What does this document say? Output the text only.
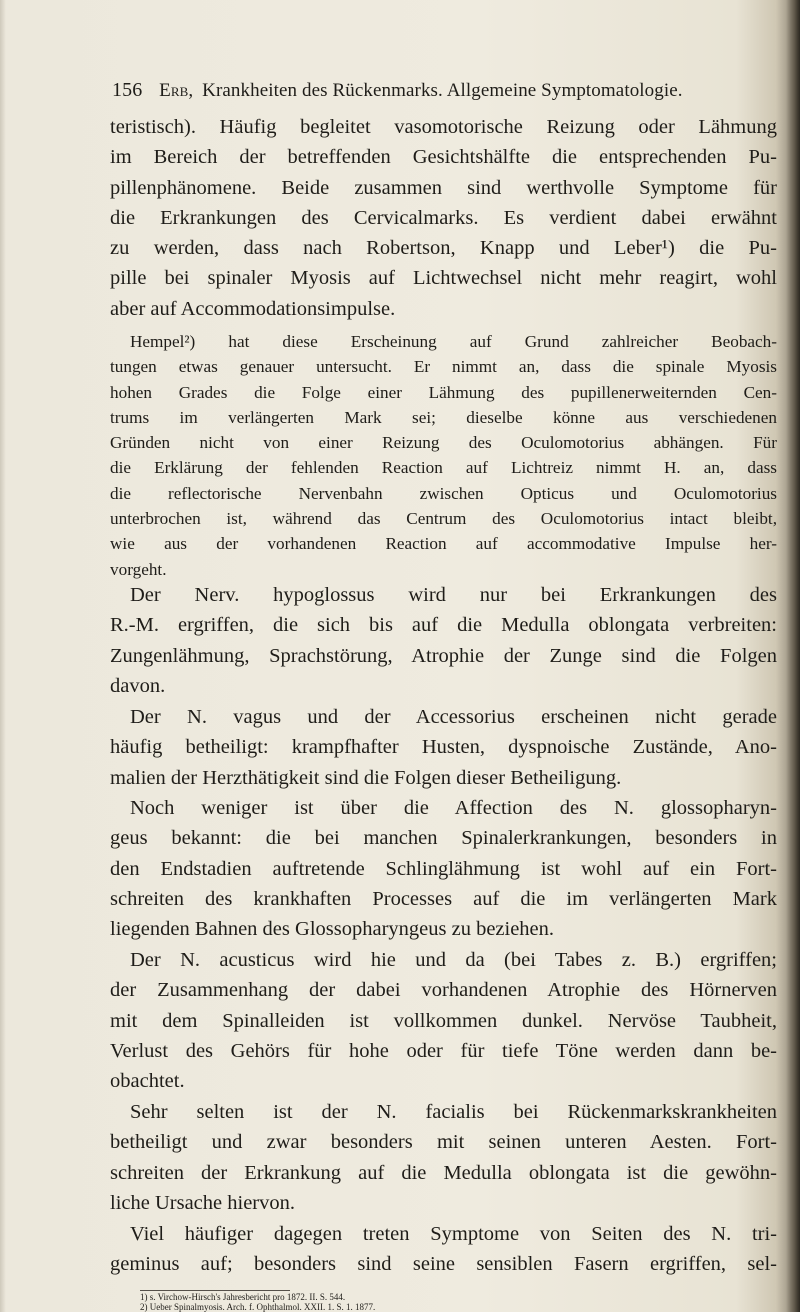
156 Erb, Krankheiten des Rückenmarks. Allgemeine Symptomatologie.
teristisch). Häufig begleitet vasomotorische Reizung oder Lähmung
im Bereich der betreffenden Gesichtshälfte die entsprechenden Pu-
pillenphänomene. Beide zusammen sind werthvolle Symptome für
die Erkrankungen des Cervicalmarks. Es verdient dabei erwähnt
zu werden, dass nach Robertson, Knapp und Leber¹) die Pu-
pille bei spinaler Myosis auf Lichtwechsel nicht mehr reagirt, wohl
aber auf Accommodationsimpulse.
Hempel²) hat diese Erscheinung auf Grund zahlreicher Beobach-
tungen etwas genauer untersucht. Er nimmt an, dass die spinale Myosis
hohen Grades die Folge einer Lähmung des pupillenerweiternden Cen-
trums im verlängerten Mark sei; dieselbe könne aus verschiedenen
Gründen nicht von einer Reizung des Oculomotorius abhängen. Für
die Erklärung der fehlenden Reaction auf Lichtreiz nimmt H. an, dass
die reflectorische Nervenbahn zwischen Opticus und Oculomotorius
unterbrochen ist, während das Centrum des Oculomotorius intact bleibt,
wie aus der vorhandenen Reaction auf accommodative Impulse her-
vorgeht.
Der Nerv. hypoglossus wird nur bei Erkrankungen des
R.-M. ergriffen, die sich bis auf die Medulla oblongata verbreiten:
Zungenlähmung, Sprachstörung, Atrophie der Zunge sind die Folgen
davon.
Der N. vagus und der Accessorius erscheinen nicht gerade
häufig betheiligt: krampfhafter Husten, dyspnoische Zustände, Ano-
malien der Herzthätigkeit sind die Folgen dieser Betheiligung.
Noch weniger ist über die Affection des N. glossopharyn-
geus bekannt: die bei manchen Spinalerkrankungen, besonders in
den Endstadien auftretende Schlinglähmung ist wohl auf ein Fort-
schreiten des krankhaften Processes auf die im verlängerten Mark
liegenden Bahnen des Glossopharyngeus zu beziehen.
Der N. acusticus wird hie und da (bei Tabes z. B.) ergriffen;
der Zusammenhang der dabei vorhandenen Atrophie des Hörnerven
mit dem Spinalleiden ist vollkommen dunkel. Nervöse Taubheit,
Verlust des Gehörs für hohe oder für tiefe Töne werden dann be-
obachtet.
Sehr selten ist der N. facialis bei Rückenmarkskrankheiten
betheiligt und zwar besonders mit seinen unteren Aesten. Fort-
schreiten der Erkrankung auf die Medulla oblongata ist die gewöhn-
liche Ursache hiervon.
Viel häufiger dagegen treten Symptome von Seiten des N. tri-
geminus auf; besonders sind seine sensiblen Fasern ergriffen, sel-
1) s. Virchow-Hirsch's Jahresbericht pro 1872. II. S. 544.
2) Ueber Spinalmyosis. Arch. f. Ophthalmol. XXII. 1. S. 1. 1877.
